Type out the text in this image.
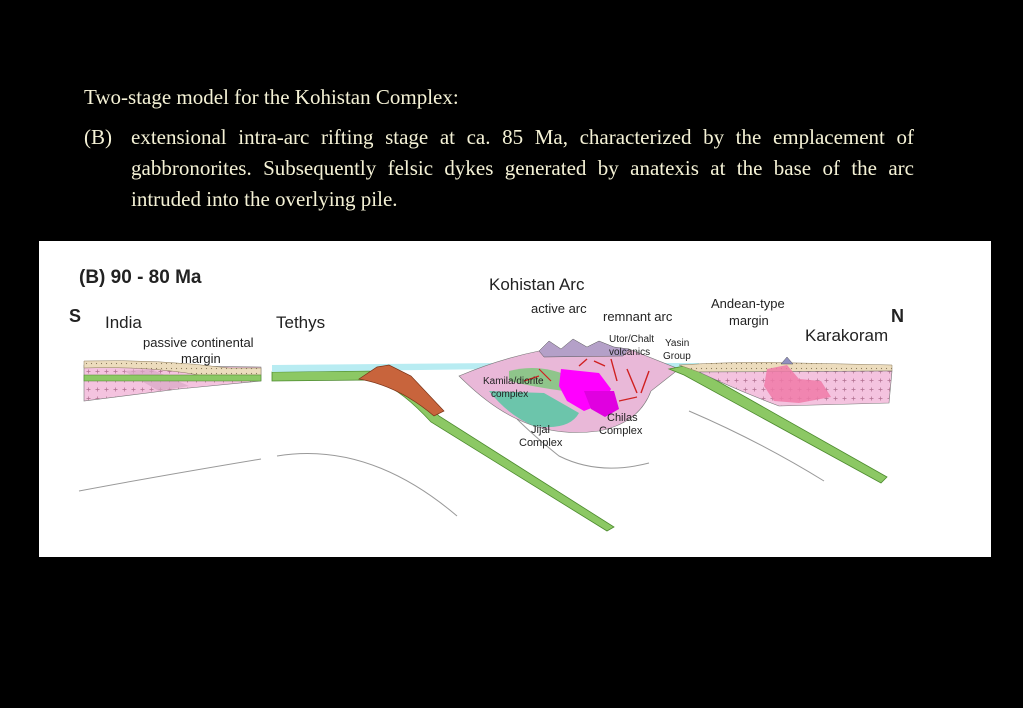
Two-stage model for the Kohistan Complex:
(B) extensional intra-arc rifting stage at ca. 85 Ma, characterized by the emplacement of gabbronorites. Subsequently felsic dykes generated by anatexis at the base of the arc intruded into the overlying pile.
(B) 90 - 80 Ma
S India
passive continental
margin
Tethys
Kohistan Arc
active arc
remnant arc
Utor/Chalt
volcanics
Yasin
Group
Andean-type
margin	N
Karakoram
Kamila/diorite
complex
Jijal
Complex
Chilas
Complex
